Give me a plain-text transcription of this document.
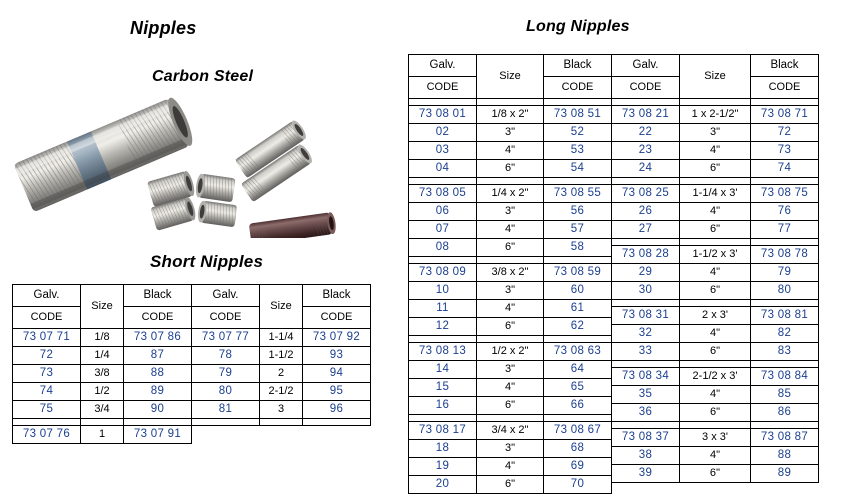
Nipples
Carbon Steel
Short Nipples
Long Nipples
Galv.	Size	Black	Galv.	Size	Black
CODE		CODE	CODE		CODE
73 07 71	1/8	73 07 86	73 07 77	1-1/4	73 07 92
72	1/4	87	78	1-1/2	93
73	3/8	88	79	2	94
74	1/2	89	80	2-1/2	95
75	3/4	90	81	3	96

73 07 76	1	73 07 91			
Galv.	Size	Black
CODE		CODE

73 08 01	1/8 x 2"	73 08 51
02	3"	52
03	4"	53
04	6"	54

73 08 05	1/4 x 2"	73 08 55
06	3"	56
07	4"	57
08	6"	58

73 08 09	3/8 x 2"	73 08 59
10	3"	60
11	4"	61
12	6"	62

73 08 13	1/2 x 2"	73 08 63
14	3"	64
15	4"	65
16	6"	66

73 08 17	3/4 x 2"	73 08 67
18	3"	68
19	4"	69
20	6"	70
Galv.	Size	Black
CODE		CODE

73 08 21	1 x 2-1/2"	73 08 71
22	3"	72
23	4"	73
24	6"	74

73 08 25	1-1/4 x 3'	73 08 75
26	4"	76
27	6"	77

73 08 28	1-1/2 x 3'	73 08 78
29	4"	79
30	6"	80

73 08 31	2 x 3'	73 08 81
32	4"	82
33	6"	83

73 08 34	2-1/2 x 3'	73 08 84
35	4"	85
36	6"	86

73 08 37	3 x 3'	73 08 87
38	4"	88
39	6''	89
